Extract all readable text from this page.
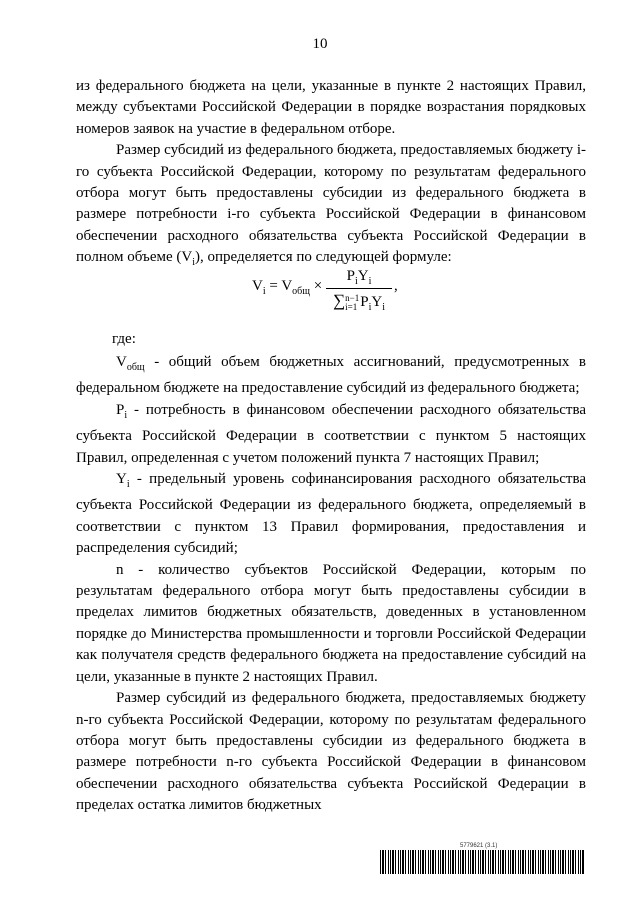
10

из федерального бюджета на цели, указанные в пункте 2 настоящих Правил, между субъектами Российской Федерации в порядке возрастания порядковых номеров заявок на участие в федеральном отборе.

Размер субсидий из федерального бюджета, предоставляемых бюджету i-го субъекта Российской Федерации, которому по результатам федерального отбора могут быть предоставлены субсидии из федерального бюджета в размере потребности i-го субъекта Российской Федерации в финансовом обеспечении расходного обязательства субъекта Российской Федерации в полном объеме $(V_i)$, определяется по следующей формуле:

$V_i = V_{общ}$ ×
$P_iY_i$
∑n−1
i=1 $P_iY_i$
,
где:

$V_{общ}$ - общий объем бюджетных ассигнований, предусмотренных в федеральном бюджете на предоставление субсидий из федерального бюджета;

$P_i$ - потребность в финансовом обеспечении расходного обязательства субъекта Российской Федерации в соответствии с пунктом 5 настоящих Правил, определенная с учетом положений пункта 7 настоящих Правил;

$Y_i$ - предельный уровень софинансирования расходного обязательства субъекта Российской Федерации из федерального бюджета, определяемый в соответствии с пунктом 13 Правил формирования, предоставления и распределения субсидий;

n - количество субъектов Российской Федерации, которым по результатам федерального отбора могут быть предоставлены субсидии в пределах лимитов бюджетных обязательств, доведенных в установленном порядке до Министерства промышленности и торговли Российской Федерации как получателя средств федерального бюджета на предоставление субсидий на цели, указанные в пункте 2 настоящих Правил.

Размер субсидий из федерального бюджета, предоставляемых бюджету n-го субъекта Российской Федерации, которому по результатам федерального отбора могут быть предоставлены субсидии из федерального бюджета в размере потребности n-го субъекта Российской Федерации в финансовом обеспечении расходного обязательства субъекта Российской Федерации в пределах остатка лимитов бюджетных

5779621 (3.1)
